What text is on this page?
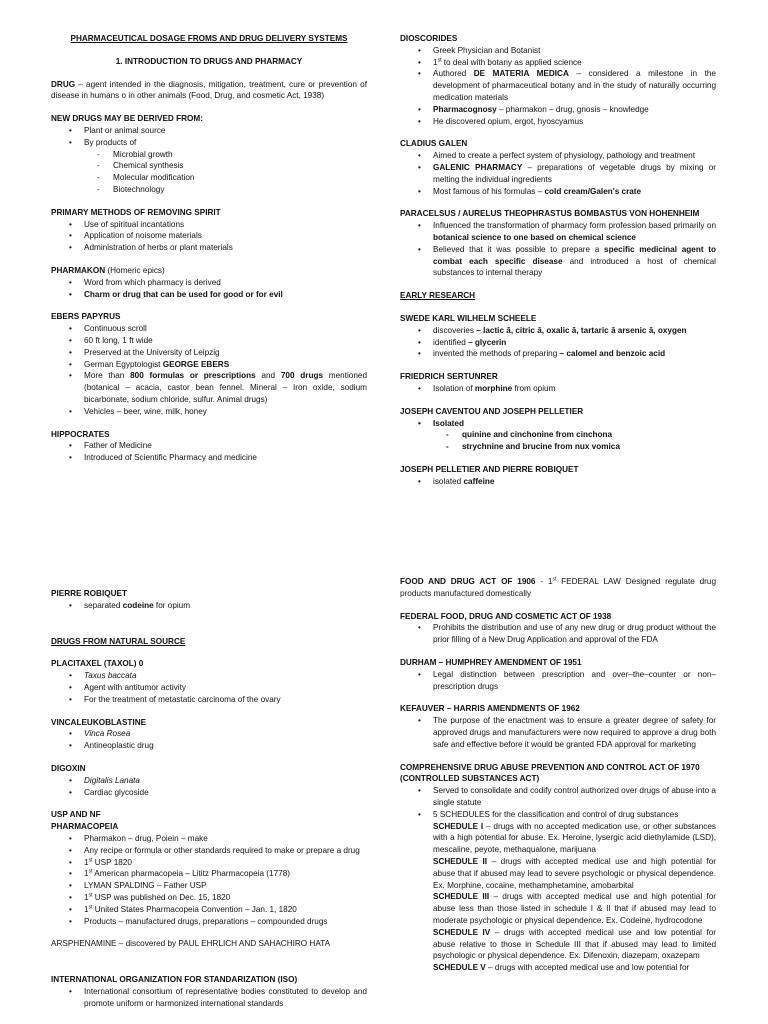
PHARMACEUTICAL DOSAGE FROMS AND DRUG DELIVERY SYSTEMS

1. INTRODUCTION TO DRUGS AND PHARMACY

DRUG – agent intended in the diagnosis, mitigation, treatment, cure or prevention of disease in humans o in other animals (Food, Drug, and cosmetic Act, 1938)

NEW DRUGS MAY BE DERIVED FROM:

• Plant or animal source
• By products of
- Microbial growth
- Chemical synthesis
- Molecular modification
- Biotechnology

PRIMARY METHODS OF REMOVING SPIRIT

• Use of spiritual incantations
• Application of noisome materials
• Administration of herbs or plant materials

PHARMAKON (Homeric epics)

• Word from which pharmacy is derived
• Charm or drug that can be used for good or for evil

EBERS PAPYRUS

• Continuous scroll
• 60 ft long, 1 ft wide
• Preserved at the University of Leipzig
• German Egyptologist GEORGE EBERS
• More than 800 formulas or prescriptions and 700 drugs mentioned (botanical – acacia, castor bean fennel. Mineral – Iron oxide, sodium bicarbonate, sodium chloride, sulfur. Animal drugs)
• Vehicles – beer, wine, milk, honey

HIPPOCRATES

• Father of Medicine
• Introduced of Scientific Pharmacy and medicine

DIOSCORIDES

• Greek Physician and Botanist
• 1st to deal with botany as applied science
• Authored DE MATERIA MEDICA – considered a milestone in the development of pharmaceutical botany and in the study of naturally occurring medication materials
• Pharmacognosy – pharmakon – drug, gnosis – knowledge
• He discovered opium, ergot, hyoscyamus

CLADIUS GALEN

• Aimed to create a perfect system of physiology, pathology and treatment
• GALENIC PHARMACY – preparations of vegetable drugs by mixing or melting the individual ingredients
• Most famous of his formulas – cold cream/Galen's crate

PARACELSUS / AURELUS THEOPHRASTUS BOMBASTUS VON HOHENHEIM

• Influenced the transformation of pharmacy form profession based primarily on botanical science to one based on chemical science
• Believed that it was possible to prepare a specific medicinal agent to combat each specific disease and introduced a host of chemical substances to internal therapy

EARLY RESEARCH

SWEDE KARL WILHELM SCHEELE

• discoveries – lactic ā, citric ā, oxalic ā, tartaric ā arsenic ā, oxygen
• identified – glycerin
• invented the methods of preparing – calomel and benzoic acid

FRIEDRICH SERTUNRER

• Isolation of morphine from opium

JOSEPH CAVENTOU AND JOSEPH PELLETIER

• Isolated
- quinine and cinchonine from cinchona
- strychnine and brucine from nux vomica

JOSEPH PELLETIER AND PIERRE ROBIQUET

• isolated caffeine

PIERRE ROBIQUET

• separated codeine for opium

DRUGS FROM NATURAL SOURCE

PLACITAXEL (TAXOL) 0

• Taxus baccata
• Agent with antitumor activity
• For the treatment of metastatic carcinoma of the ovary

VINCALEUKOBLASTINE

• Vinca Rosea
• Antineoplastic drug

DIGOXIN

• Digitalis Lanata
• Cardiac glycoside

USP AND NF

PHARMACOPEIA

• Pharmakon – drug, Poiein – make
• Any recipe or formula or other standards required to make or prepare a drug
• 1st USP 1820
• 1st American pharmacopeia – Lititz Pharmacopeia (1778)
• LYMAN SPALDING – Father USP
• 1st USP was published on Dec. 15, 1820
• 1st United States Pharmacopeia Convention – Jan. 1, 1820
• Products – manufactured drugs, preparations – compounded drugs

ARSPHENAMINE – discovered by PAUL EHRLICH AND SAHACHIRO HATA

INTERNATIONAL ORGANIZATION FOR STANDARIZATION (ISO)

• International consortium of representative bodies constituted to develop and promote uniform or harmonized international standards

FOOD AND DRUG ACT OF 1906 - 1st FEDERAL LAW Designed regulate drug products manufactured domestically

FEDERAL FOOD, DRUG AND COSMETIC ACT OF 1938

• Prohibits the distribution and use of any new drug or drug product without the prior filling of a New Drug Application and approval of the FDA

DURHAM – HUMPHREY AMENDMENT OF 1951

• Legal distinction between prescription and over–the–counter or non–prescription drugs

KEFAUVER – HARRIS AMENDMENTS OF 1962

• The purpose of the enactment was to ensure a greater degree of safety for approved drugs and manufacturers were now required to approve a drug both safe and effective before it would be granted FDA approval for marketing

COMPREHENSIVE DRUG ABUSE PREVENTION AND CONTROL ACT OF 1970 (CONTROLLED SUBSTANCES ACT)

• Served to consolidate and codify control authorized over drugs of abuse into a single statute
• 5 SCHEDULES for the classification and control of drug substances
SCHEDULE I – drugs with no accepted medication use, or other substances with a high potential for abuse. Ex. Heroine, lysergic acid diethylamide (LSD), mescaline, peyote, methaqualone, marijuana
SCHEDULE II – drugs with accepted medical use and high potential for abuse that if abused may lead to severe psychologic or physical dependence. Ex. Morphine, cocaine, methamphetamine, amobarbital
SCHEDULE III – drugs with accepted medical use and high potential for abuse less than those listed in schedule I & II that if abused may lead to moderate psychologic or physical dependence. Ex. Codeine, hydrocodone
SCHEDULE IV – drugs with accepted medical use and low potential for abuse relative to those in Schedule III that if abused may lead to limited psychologic or physical dependence. Ex. Difenoxin, diazepam, oxazepam
SCHEDULE V – drugs with accepted medical use and low potential for
